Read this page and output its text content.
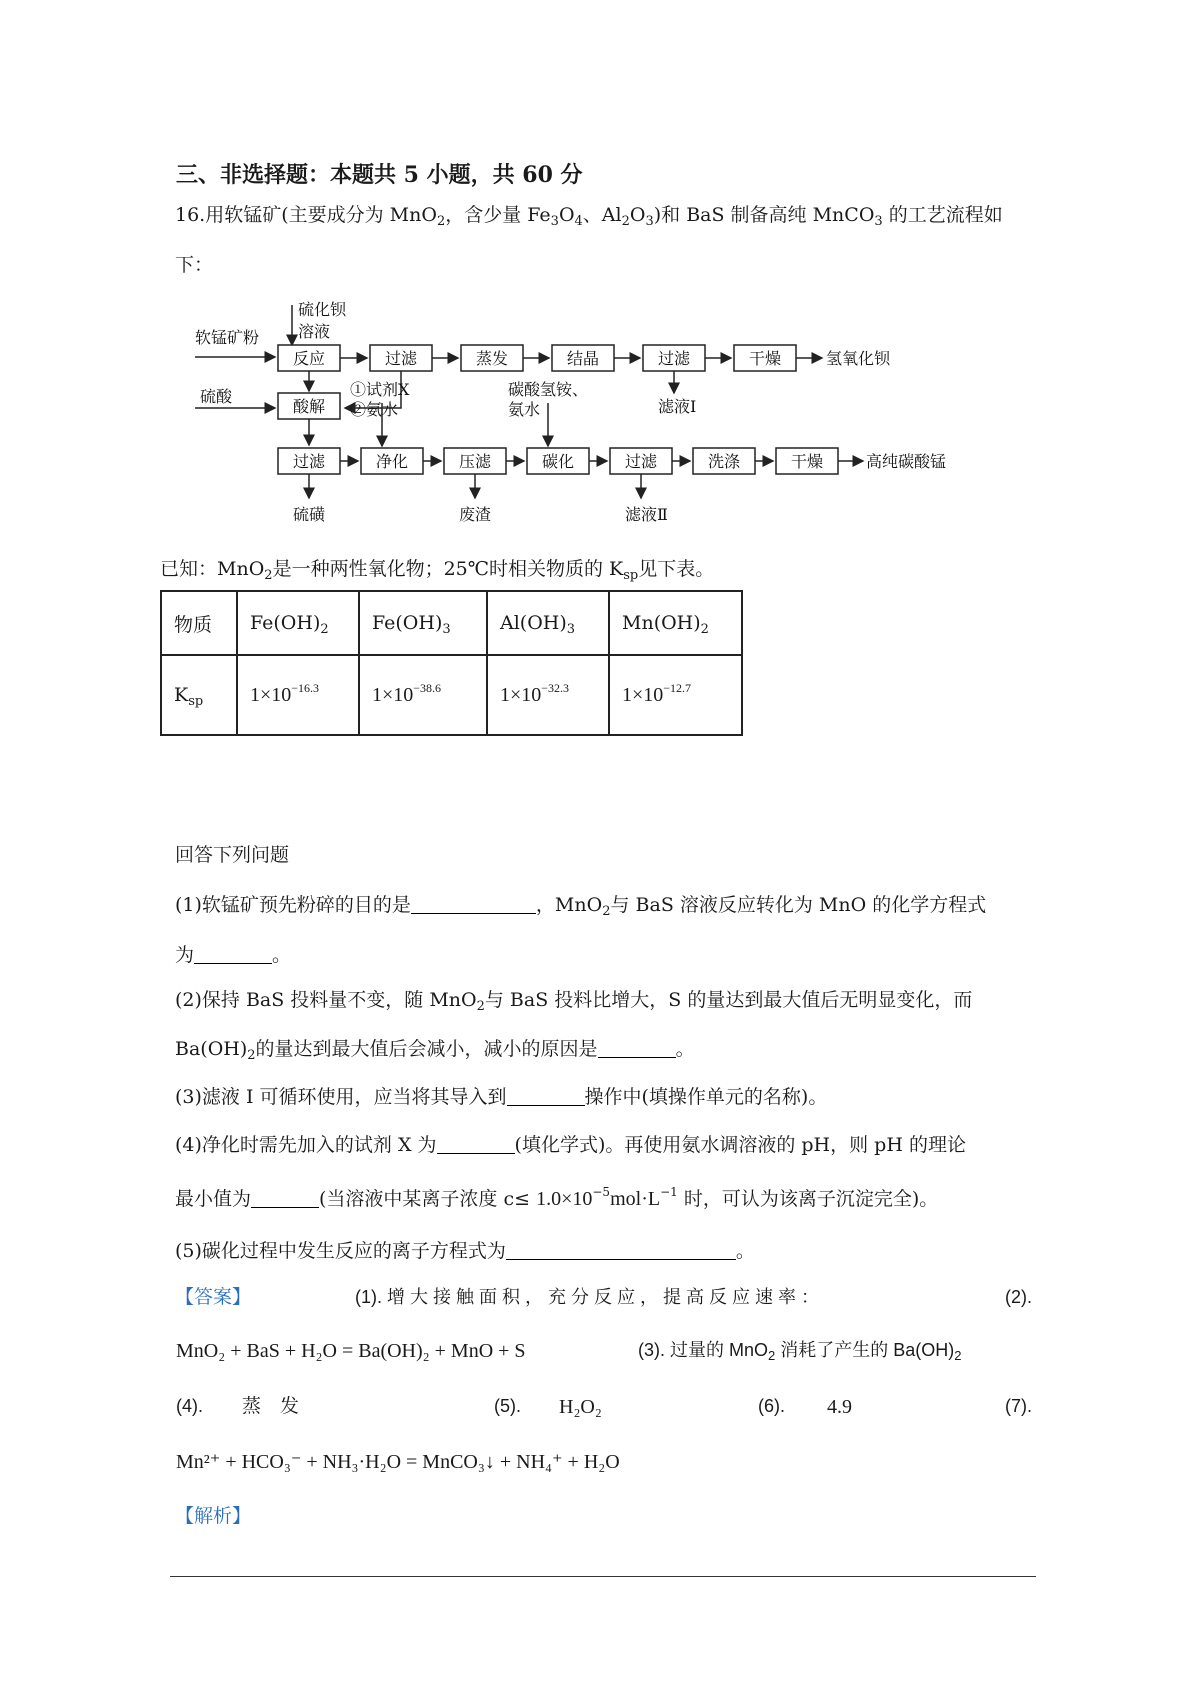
三、非选择题：本题共 5 小题，共 60 分
16.用软锰矿(主要成分为 MnO$_2$，含少量 $Fe_3O_4$、$Al_2O_3$)和 BaS 制备高纯 MnCO$_3$ 的工艺流程如
下：
软锰矿粉
硫化钡
溶液
反应	过滤	蒸发	结晶	过滤	干燥	氢氧化钡
滤液Ⅰ
硫酸
酸解
①试剂X
②氨水
碳酸氢铵、
氨水
过滤	净化	压滤	碳化	过滤	洗涤	干燥	高纯碳酸锰
硫磺	废渣	滤液Ⅱ
已知：MnO$_2$是一种两性氧化物；25℃时相关物质的 $K_{sp}$见下表。
物质	$Fe(OH)_2$	$Fe(OH)_3$	$Al(OH)_3$	$Mn(OH)_2$
$K_{sp}$	$1\times 10^{-16.3}$	$1\times 10^{-38.6}$	$1\times 10^{-32.3}$	$1\times 10^{-12.7}$
回答下列问题
(1)软锰矿预先粉碎的目的是	，MnO$_2$与 BaS 溶液反应转化为 MnO 的化学方程式
为	。
(2)保持 BaS 投料量不变，随 MnO$_2$与 BaS 投料比增大，S 的量达到最大值后无明显变化，而
$Ba(OH)_2$的量达到最大值后会减小，减小的原因是	。
(3)滤液 I 可循环使用，应当将其导入到	操作中(填操作单元的名称)。
(4)净化时需先加入的试剂 X 为	(填化学式)。再使用氨水调溶液的 pH，则 pH 的理论
最小值为	(当溶液中某离子浓度 $c\le 1.0\times 10^{-5}mol\cdot L^{-1}$ 时，可认为该离子沉淀完全)。
(5)碳化过程中发生反应的离子方程式为	。
【答案】	(1). 增 大 接 触 面 积 ， 充 分 反 应 ， 提 高 反 应 速 率 ：	(2).
MnO₂ + BaS + H₂O = Ba(OH)₂ + MnO + S	(3). 过量的 MnO$_2$ 消耗了产生的 $Ba(OH)_2$
(4). 蒸　发	(5). H₂O₂	(6). 4.9	(7).
Mn²⁺ + HCO₃⁻ + NH₃·H₂O = MnCO₃↓ + NH₄⁺ + H₂O
【解析】
